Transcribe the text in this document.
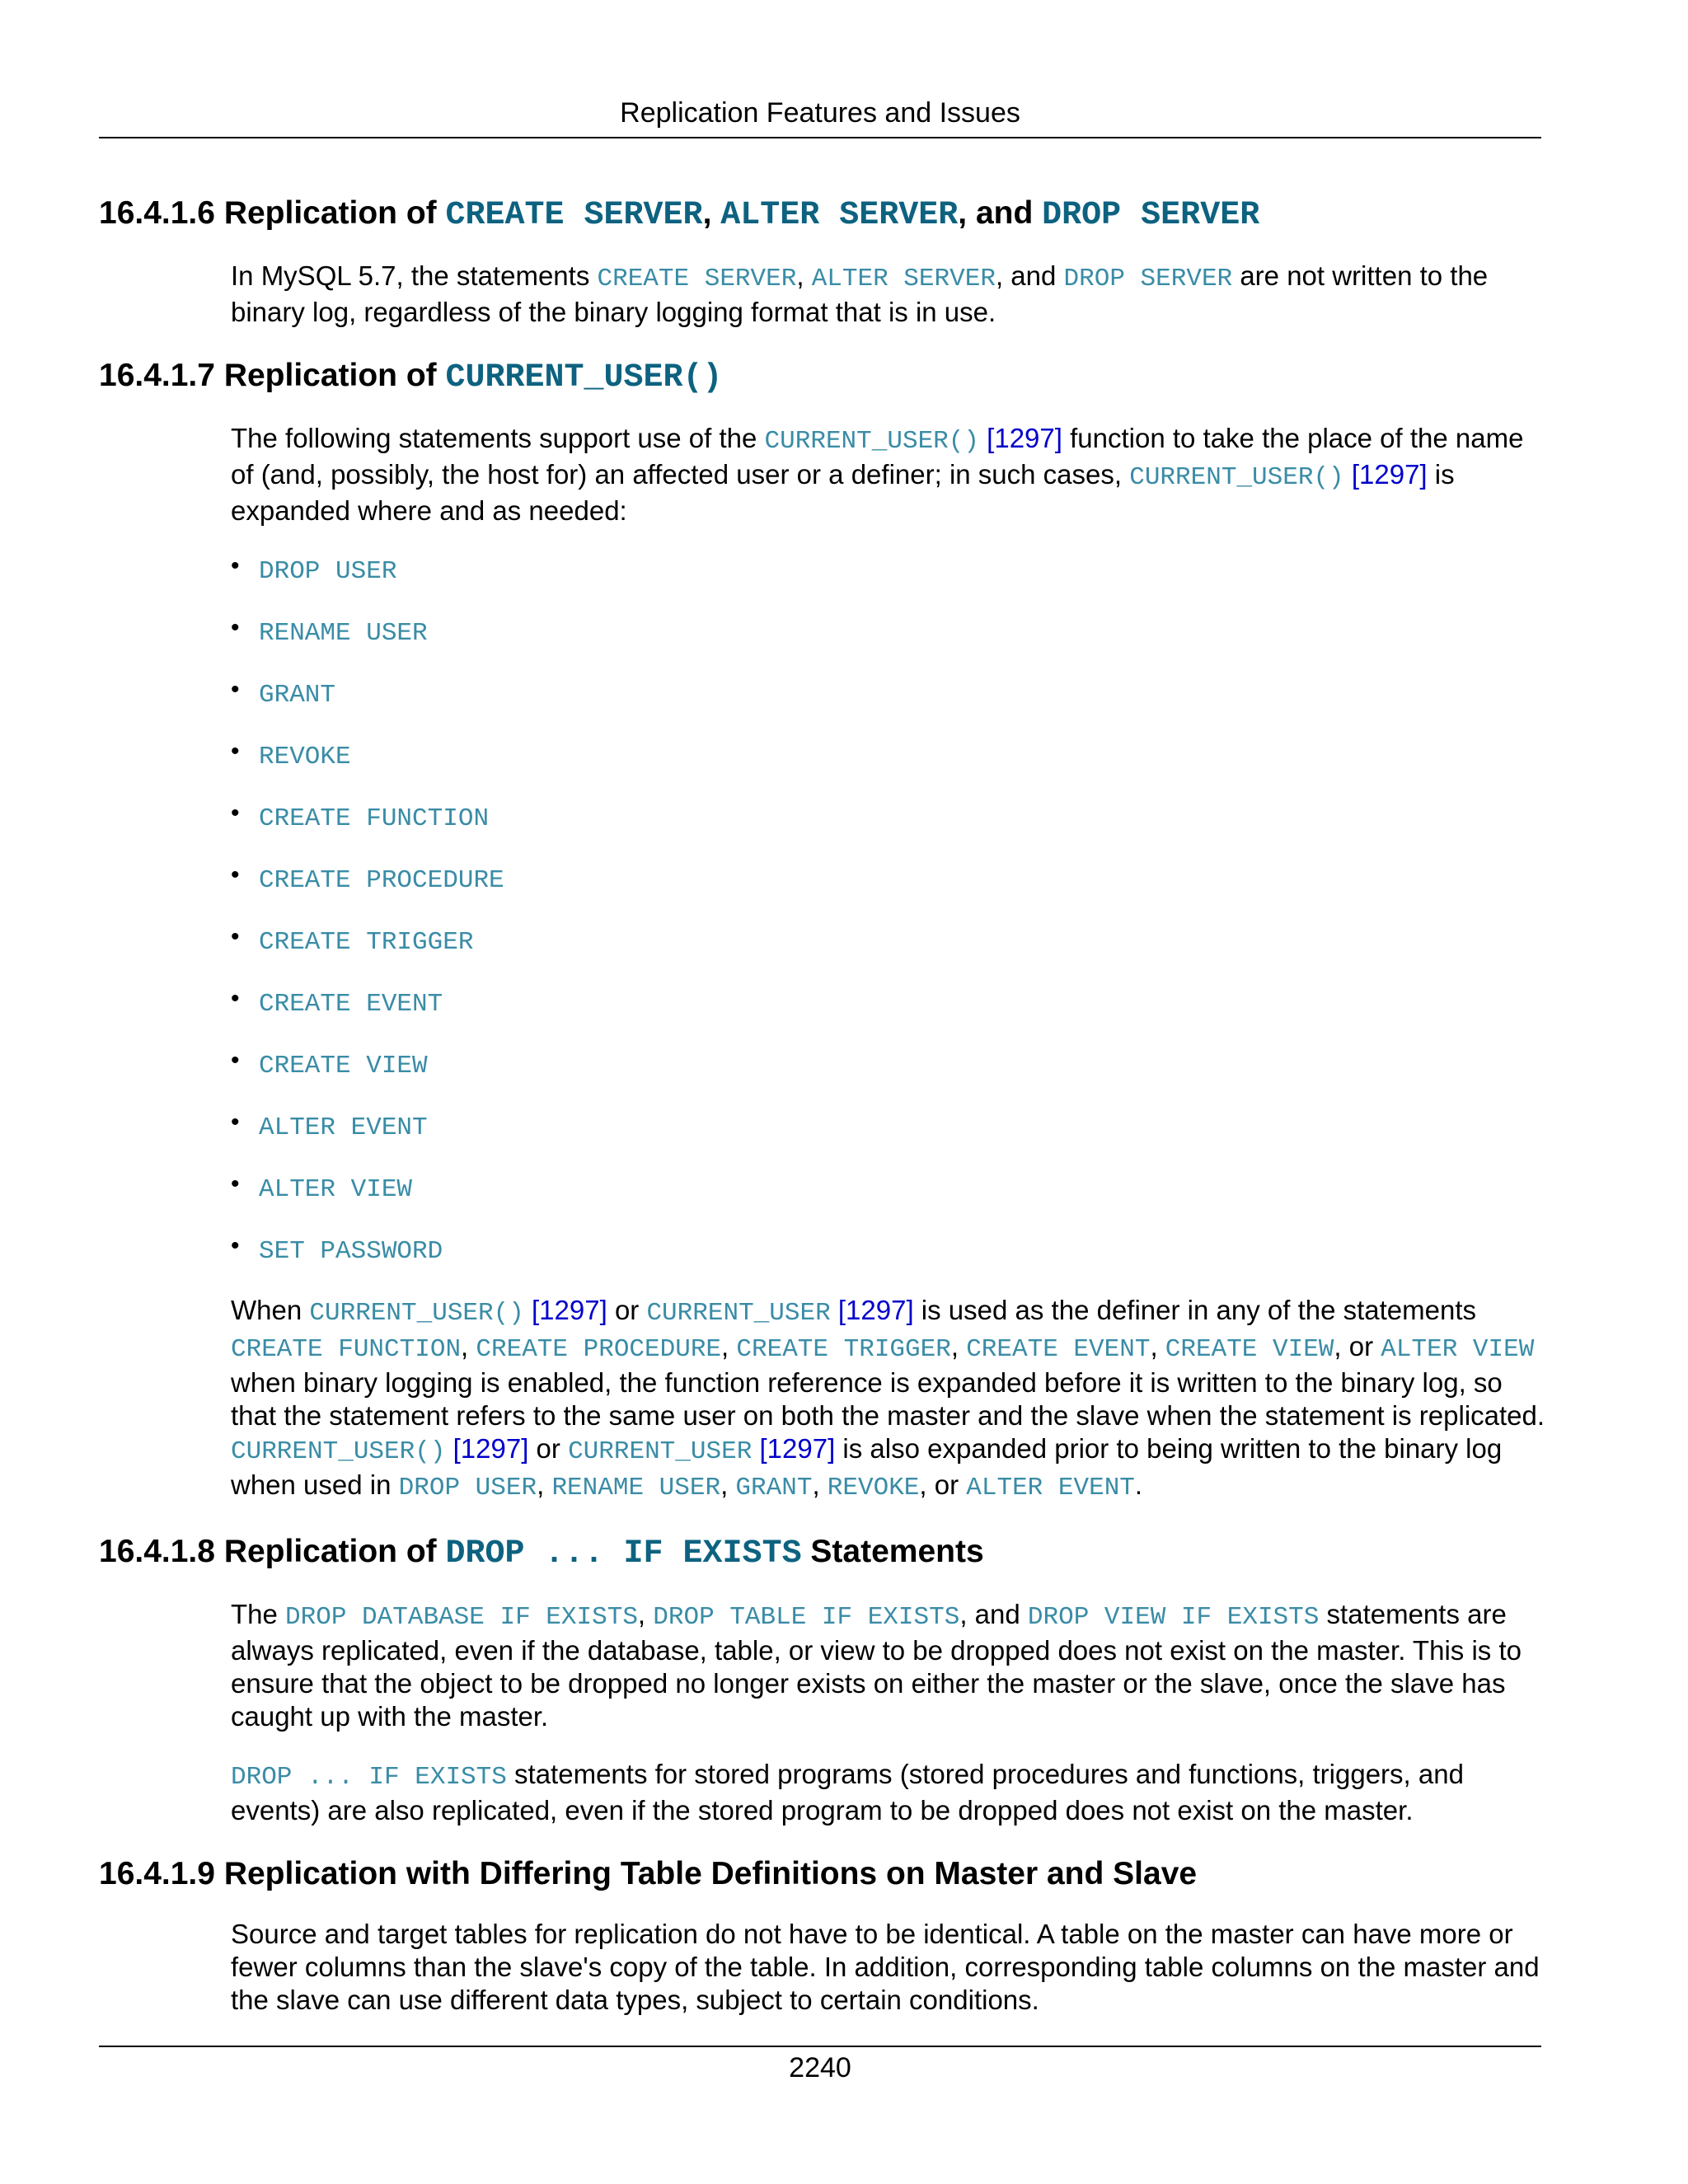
Replication Features and Issues
16.4.1.6 Replication of CREATE SERVER, ALTER SERVER, and DROP SERVER

In MySQL 5.7, the statements CREATE SERVER, ALTER SERVER, and DROP SERVER are not written to the binary log, regardless of the binary logging format that is in use.

16.4.1.7 Replication of CURRENT_USER()

The following statements support use of the CURRENT_USER() [1297] function to take the place of the name of (and, possibly, the host for) an affected user or a definer; in such cases, CURRENT_USER() [1297] is expanded where and as needed:

• DROP USER
• RENAME USER
• GRANT
• REVOKE
• CREATE FUNCTION
• CREATE PROCEDURE
• CREATE TRIGGER
• CREATE EVENT
• CREATE VIEW
• ALTER EVENT
• ALTER VIEW
• SET PASSWORD

When CURRENT_USER() [1297] or CURRENT_USER [1297] is used as the definer in any of the statements CREATE FUNCTION, CREATE PROCEDURE, CREATE TRIGGER, CREATE EVENT, CREATE VIEW, or ALTER VIEW when binary logging is enabled, the function reference is expanded before it is written to the binary log, so that the statement refers to the same user on both the master and the slave when the statement is replicated. CURRENT_USER() [1297] or CURRENT_USER [1297] is also expanded prior to being written to the binary log when used in DROP USER, RENAME USER, GRANT, REVOKE, or ALTER EVENT.

16.4.1.8 Replication of DROP ... IF EXISTS Statements

The DROP DATABASE IF EXISTS, DROP TABLE IF EXISTS, and DROP VIEW IF EXISTS statements are always replicated, even if the database, table, or view to be dropped does not exist on the master. This is to ensure that the object to be dropped no longer exists on either the master or the slave, once the slave has caught up with the master.

DROP ... IF EXISTS statements for stored programs (stored procedures and functions, triggers, and events) are also replicated, even if the stored program to be dropped does not exist on the master.

16.4.1.9 Replication with Differing Table Definitions on Master and Slave

Source and target tables for replication do not have to be identical. A table on the master can have more or fewer columns than the slave's copy of the table. In addition, corresponding table columns on the master and the slave can use different data types, subject to certain conditions.

2240
